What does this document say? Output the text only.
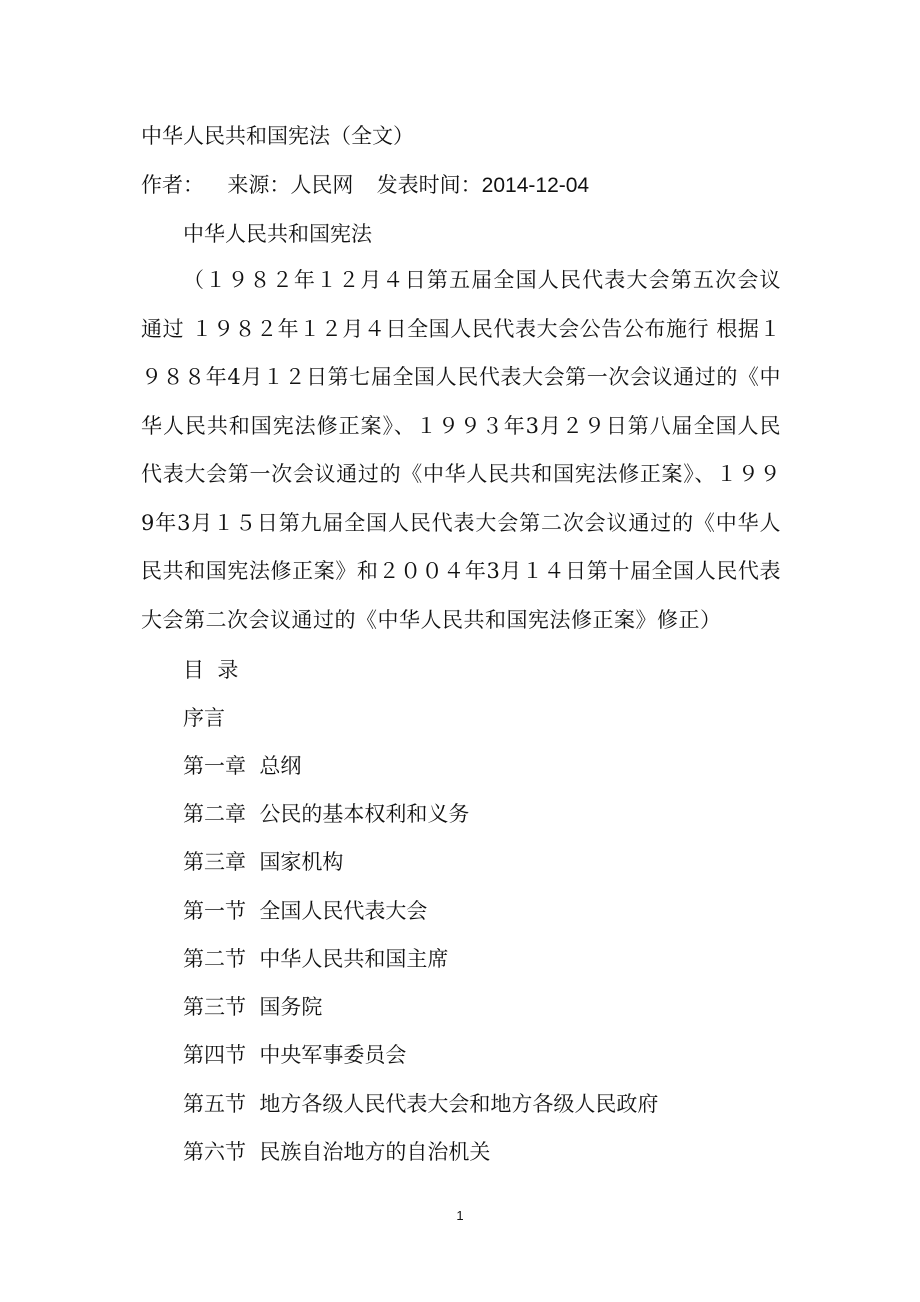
中华人民共和国宪法（全文）
作者：    来源：人民网    发表时间：2014-12-04
中华人民共和国宪法
（１９８２年１２月４日第五届全国人民代表大会第五次会议通过 １９８２年１２月４日全国人民代表大会公告公布施行 根据１９８８年4月１２日第七届全国人民代表大会第一次会议通过的《中华人民共和国宪法修正案》、１９９３年3月２９日第八届全国人民代表大会第一次会议通过的《中华人民共和国宪法修正案》、１９９9年3月１５日第九届全国人民代表大会第二次会议通过的《中华人民共和国宪法修正案》和２００４年3月１４日第十届全国人民代表大会第二次会议通过的《中华人民共和国宪法修正案》修正）
目  录
序言
第一章  总纲
第二章  公民的基本权利和义务
第三章  国家机构
第一节  全国人民代表大会
第二节  中华人民共和国主席
第三节  国务院
第四节  中央军事委员会
第五节  地方各级人民代表大会和地方各级人民政府
第六节  民族自治地方的自治机关
1
